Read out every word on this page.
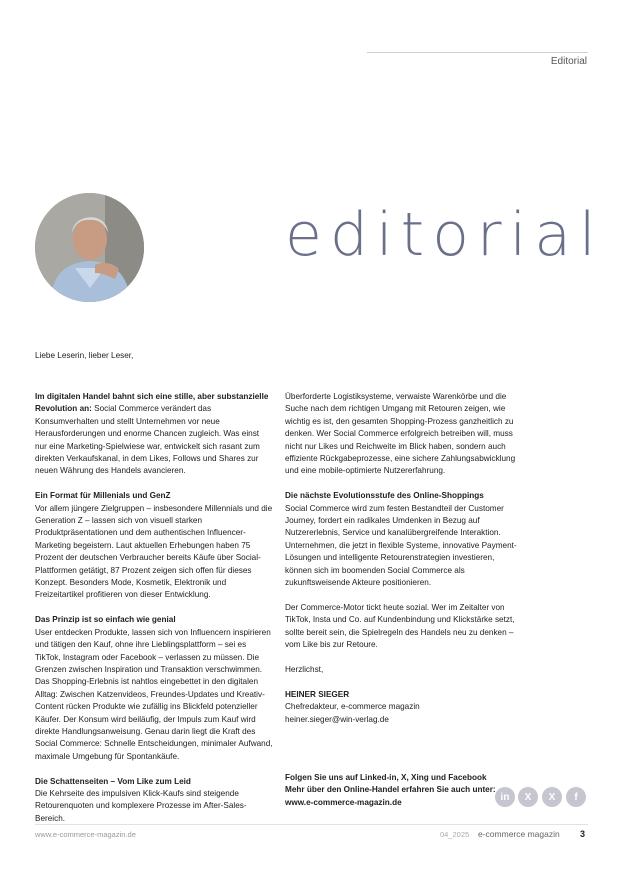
Editorial
editorial
Liebe Leserin, lieber Leser,

Im digitalen Handel bahnt sich eine stille, aber substanzielle Revolution an: Social Commerce verändert das Konsumverhalten und stellt Unternehmen vor neue Herausforderungen und enorme Chancen zugleich. Was einst nur eine Marketing-Spielwiese war, entwickelt sich rasant zum direkten Verkaufskanal, in dem Likes, Follows und Shares zur neuen Währung des Handels avancieren.

Ein Format für Millenials und GenZ
Vor allem jüngere Zielgruppen – insbesondere Millennials und die Generation Z – lassen sich von visuell starken Produktpräsentationen und dem authentischen Influencer-Marketing begeistern. Laut aktuellen Erhebungen haben 75 Prozent der deutschen Verbraucher bereits Käufe über Social-Plattformen getätigt, 87 Prozent zeigen sich offen für dieses Konzept. Besonders Mode, Kosmetik, Elektronik und Freizeitartikel profitieren von dieser Entwicklung.

Das Prinzip ist so einfach wie genial
User entdecken Produkte, lassen sich von Influencern inspirieren und tätigen den Kauf, ohne ihre Lieblingsplattform – sei es TikTok, Instagram oder Facebook – verlassen zu müssen. Die Grenzen zwischen Inspiration und Transaktion verschwimmen. Das Shopping-Erlebnis ist nahtlos eingebettet in den digitalen Alltag: Zwischen Katzenvideos, Freundes-Updates und Kreativ-Content rücken Produkte wie zufällig ins Blickfeld potenzieller Käufer. Der Konsum wird beiläufig, der Impuls zum Kauf wird direkte Handlungsanweisung. Genau darin liegt die Kraft des Social Commerce: Schnelle Entscheidungen, minimaler Aufwand, maximale Umgebung für Spontankäufe.

Die Schattenseiten – Vom Like zum Leid
Die Kehrseite des impulsiven Klick-Kaufs sind steigende Retourenquoten und komplexere Prozesse im After-Sales-Bereich.

Überforderte Logistiksysteme, verwaiste Warenkörbe und die Suche nach dem richtigen Umgang mit Retouren zeigen, wie wichtig es ist, den gesamten Shopping-Prozess ganzheitlich zu denken. Wer Social Commerce erfolgreich betreiben will, muss nicht nur Likes und Reichweite im Blick haben, sondern auch effiziente Rückgabeprozesse, eine sichere Zahlungsabwicklung und eine mobile-optimierte Nutzererfahrung.

Die nächste Evolutionsstufe des Online-Shoppings
Social Commerce wird zum festen Bestandteil der Customer Journey, fordert ein radikales Umdenken in Bezug auf Nutzererlebnis, Service und kanalübergreifende Interaktion. Unternehmen, die jetzt in flexible Systeme, innovative Payment-Lösungen und intelligente Retourenstrategien investieren, können sich im boomenden Social Commerce als zukunftsweisende Akteure positionieren.

Der Commerce-Motor tickt heute sozial. Wer im Zeitalter von TikTok, Insta und Co. auf Kundenbindung und Klickstärke setzt, sollte bereit sein, die Spielregeln des Handels neu zu denken – vom Like bis zur Retoure.

Herzlichst,

HEINER SIEGER
Chefredakteur, e-commerce magazin
heiner.sieger@win-verlag.de

Folgen Sie uns auf Linked-in, X, Xing und Facebook
Mehr über den Online-Handel erfahren Sie auch unter:
www.e-commerce-magazin.de	in X X f
www.e-commerce-magazin.de	04_2025 e-commerce magazin 3
